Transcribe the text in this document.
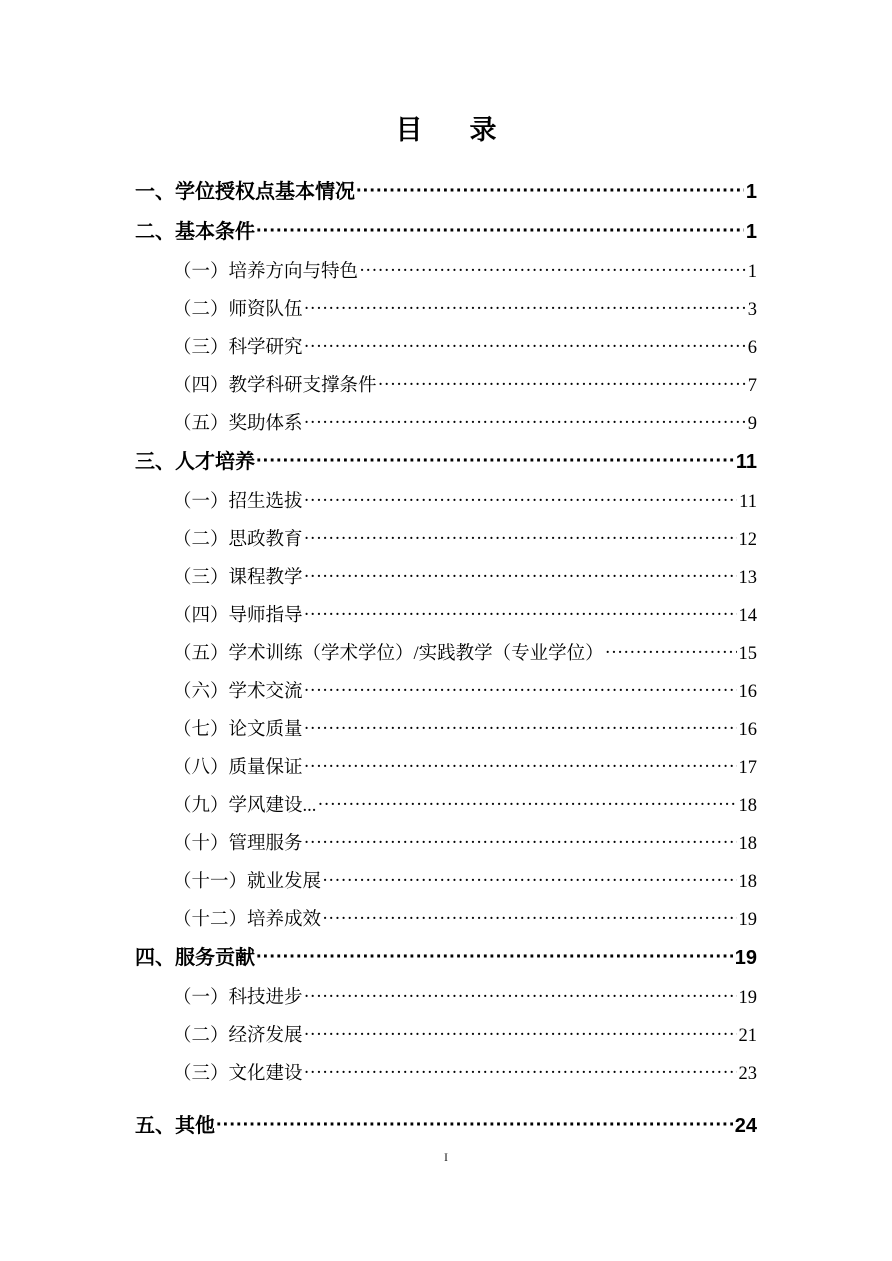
目　录
一、学位授权点基本情况 ·····	1
二、基本条件 ·····	1
（一）培养方向与特色 ·····	1
（二）师资队伍 ·····	3
（三）科学研究 ·····	6
（四）教学科研支撑条件 ·····	7
（五）奖助体系 ·····	9
三、人才培养 ·····	11
（一）招生选拔 ·····	11
（二）思政教育 ·····	12
（三）课程教学 ·····	13
（四）导师指导 ·····	14
（五）学术训练（学术学位）/实践教学（专业学位） ·····	15
（六）学术交流 ·····	16
（七）论文质量 ·····	16
（八）质量保证 ·····	17
（九）学风建设... ·····	18
（十）管理服务 ·····	18
（十一）就业发展 ·····	18
（十二）培养成效 ·····	19
四、服务贡献 ·····	19
（一）科技进步 ·····	19
（二）经济发展 ·····	21
（三）文化建设 ·····	23
五、其他 ·····	24
I
